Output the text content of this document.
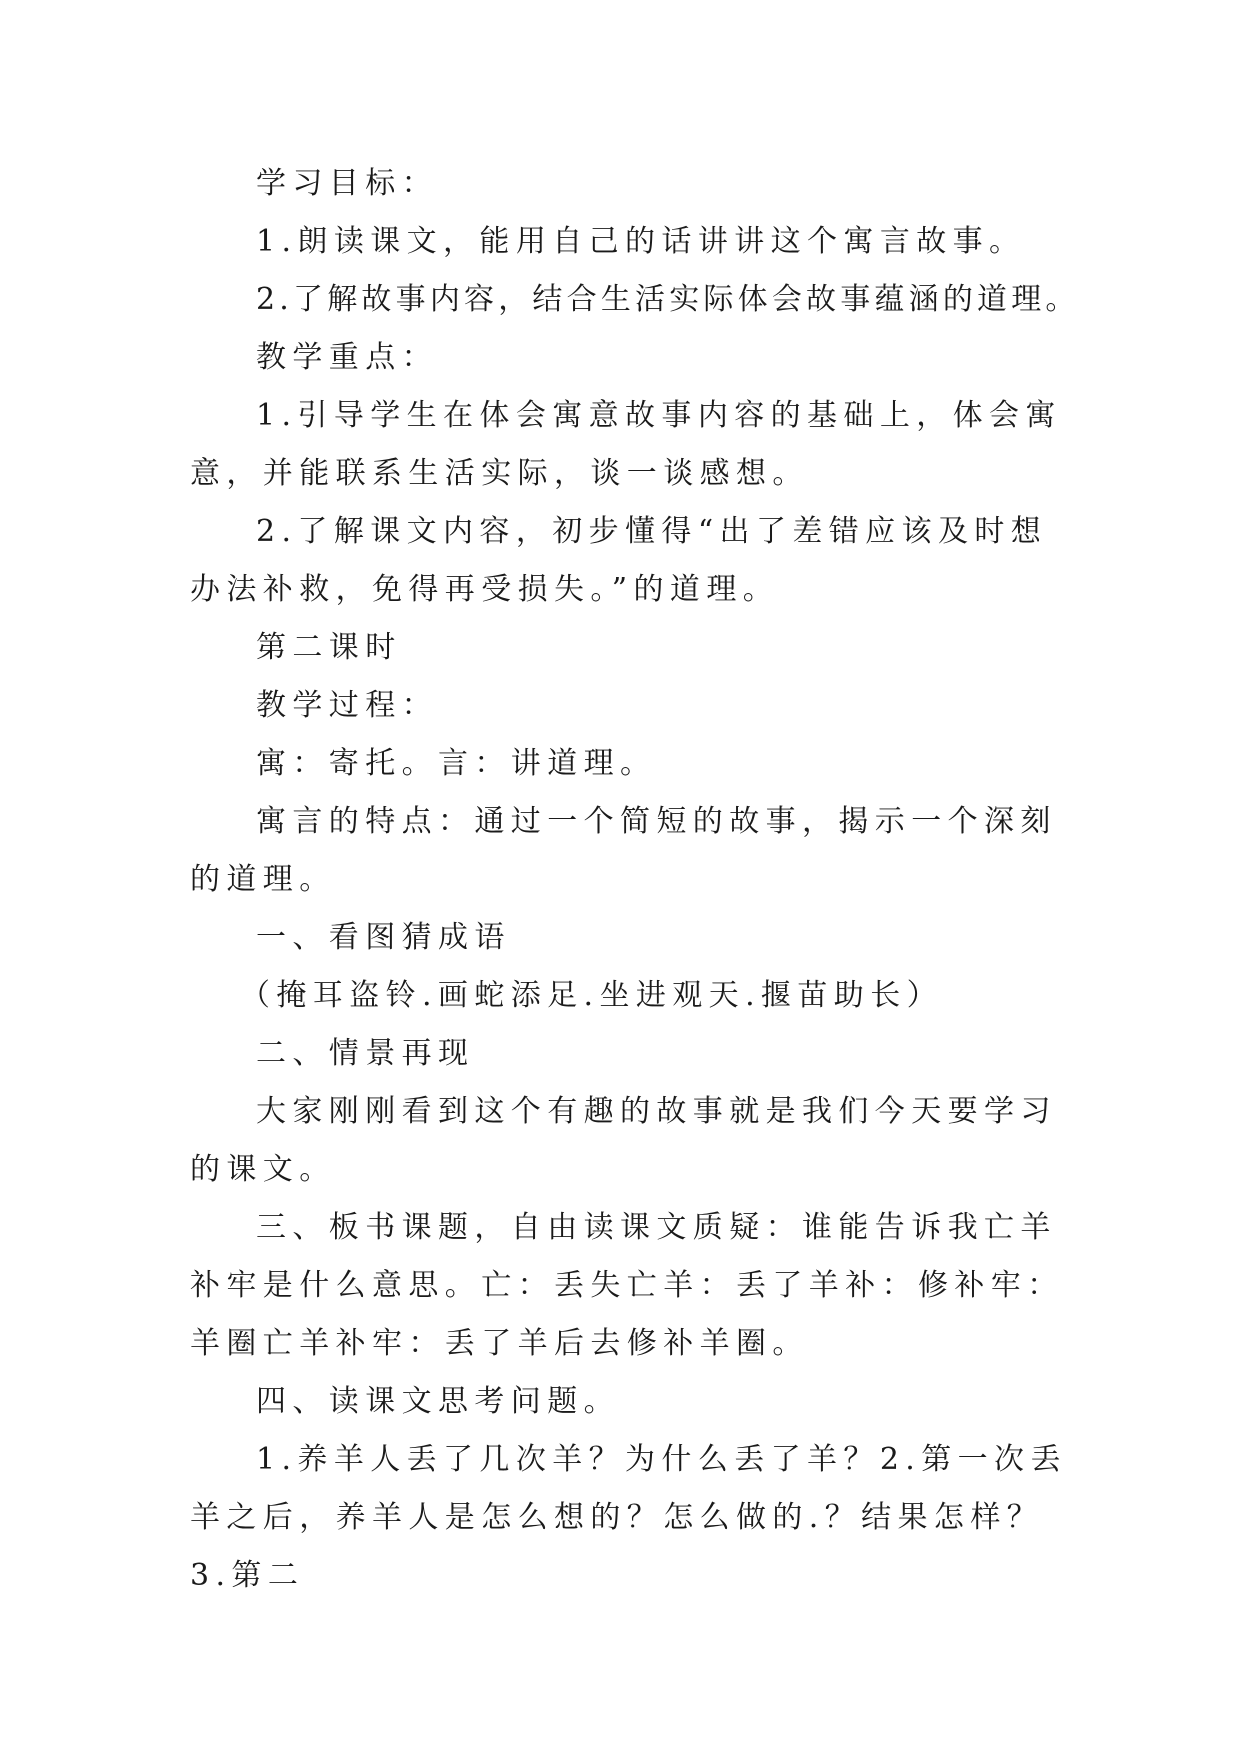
学习目标：

1.朗读课文，能用自己的话讲讲这个寓言故事。

2.了解故事内容，结合生活实际体会故事蕴涵的道理。

教学重点：

1.引导学生在体会寓意故事内容的基础上，体会寓意，并能联系生活实际，谈一谈感想。

2.了解课文内容，初步懂得“出了差错应该及时想办法补救，免得再受损失。”的道理。

第二课时

教学过程：

寓：寄托。言：讲道理。

寓言的特点：通过一个简短的故事，揭示一个深刻的道理。

一、看图猜成语

（掩耳盗铃.画蛇添足.坐进观天.揠苗助长）

二、情景再现

大家刚刚看到这个有趣的故事就是我们今天要学习的课文。

三、板书课题，自由读课文质疑：谁能告诉我亡羊补牢是什么意思。亡：丢失亡羊：丢了羊补：修补牢：羊圈亡羊补牢：丢了羊后去修补羊圈。

四、读课文思考问题。

1.养羊人丢了几次羊？为什么丢了羊？2.第一次丢羊之后，养羊人是怎么想的？怎么做的.？结果怎样？3.第二
